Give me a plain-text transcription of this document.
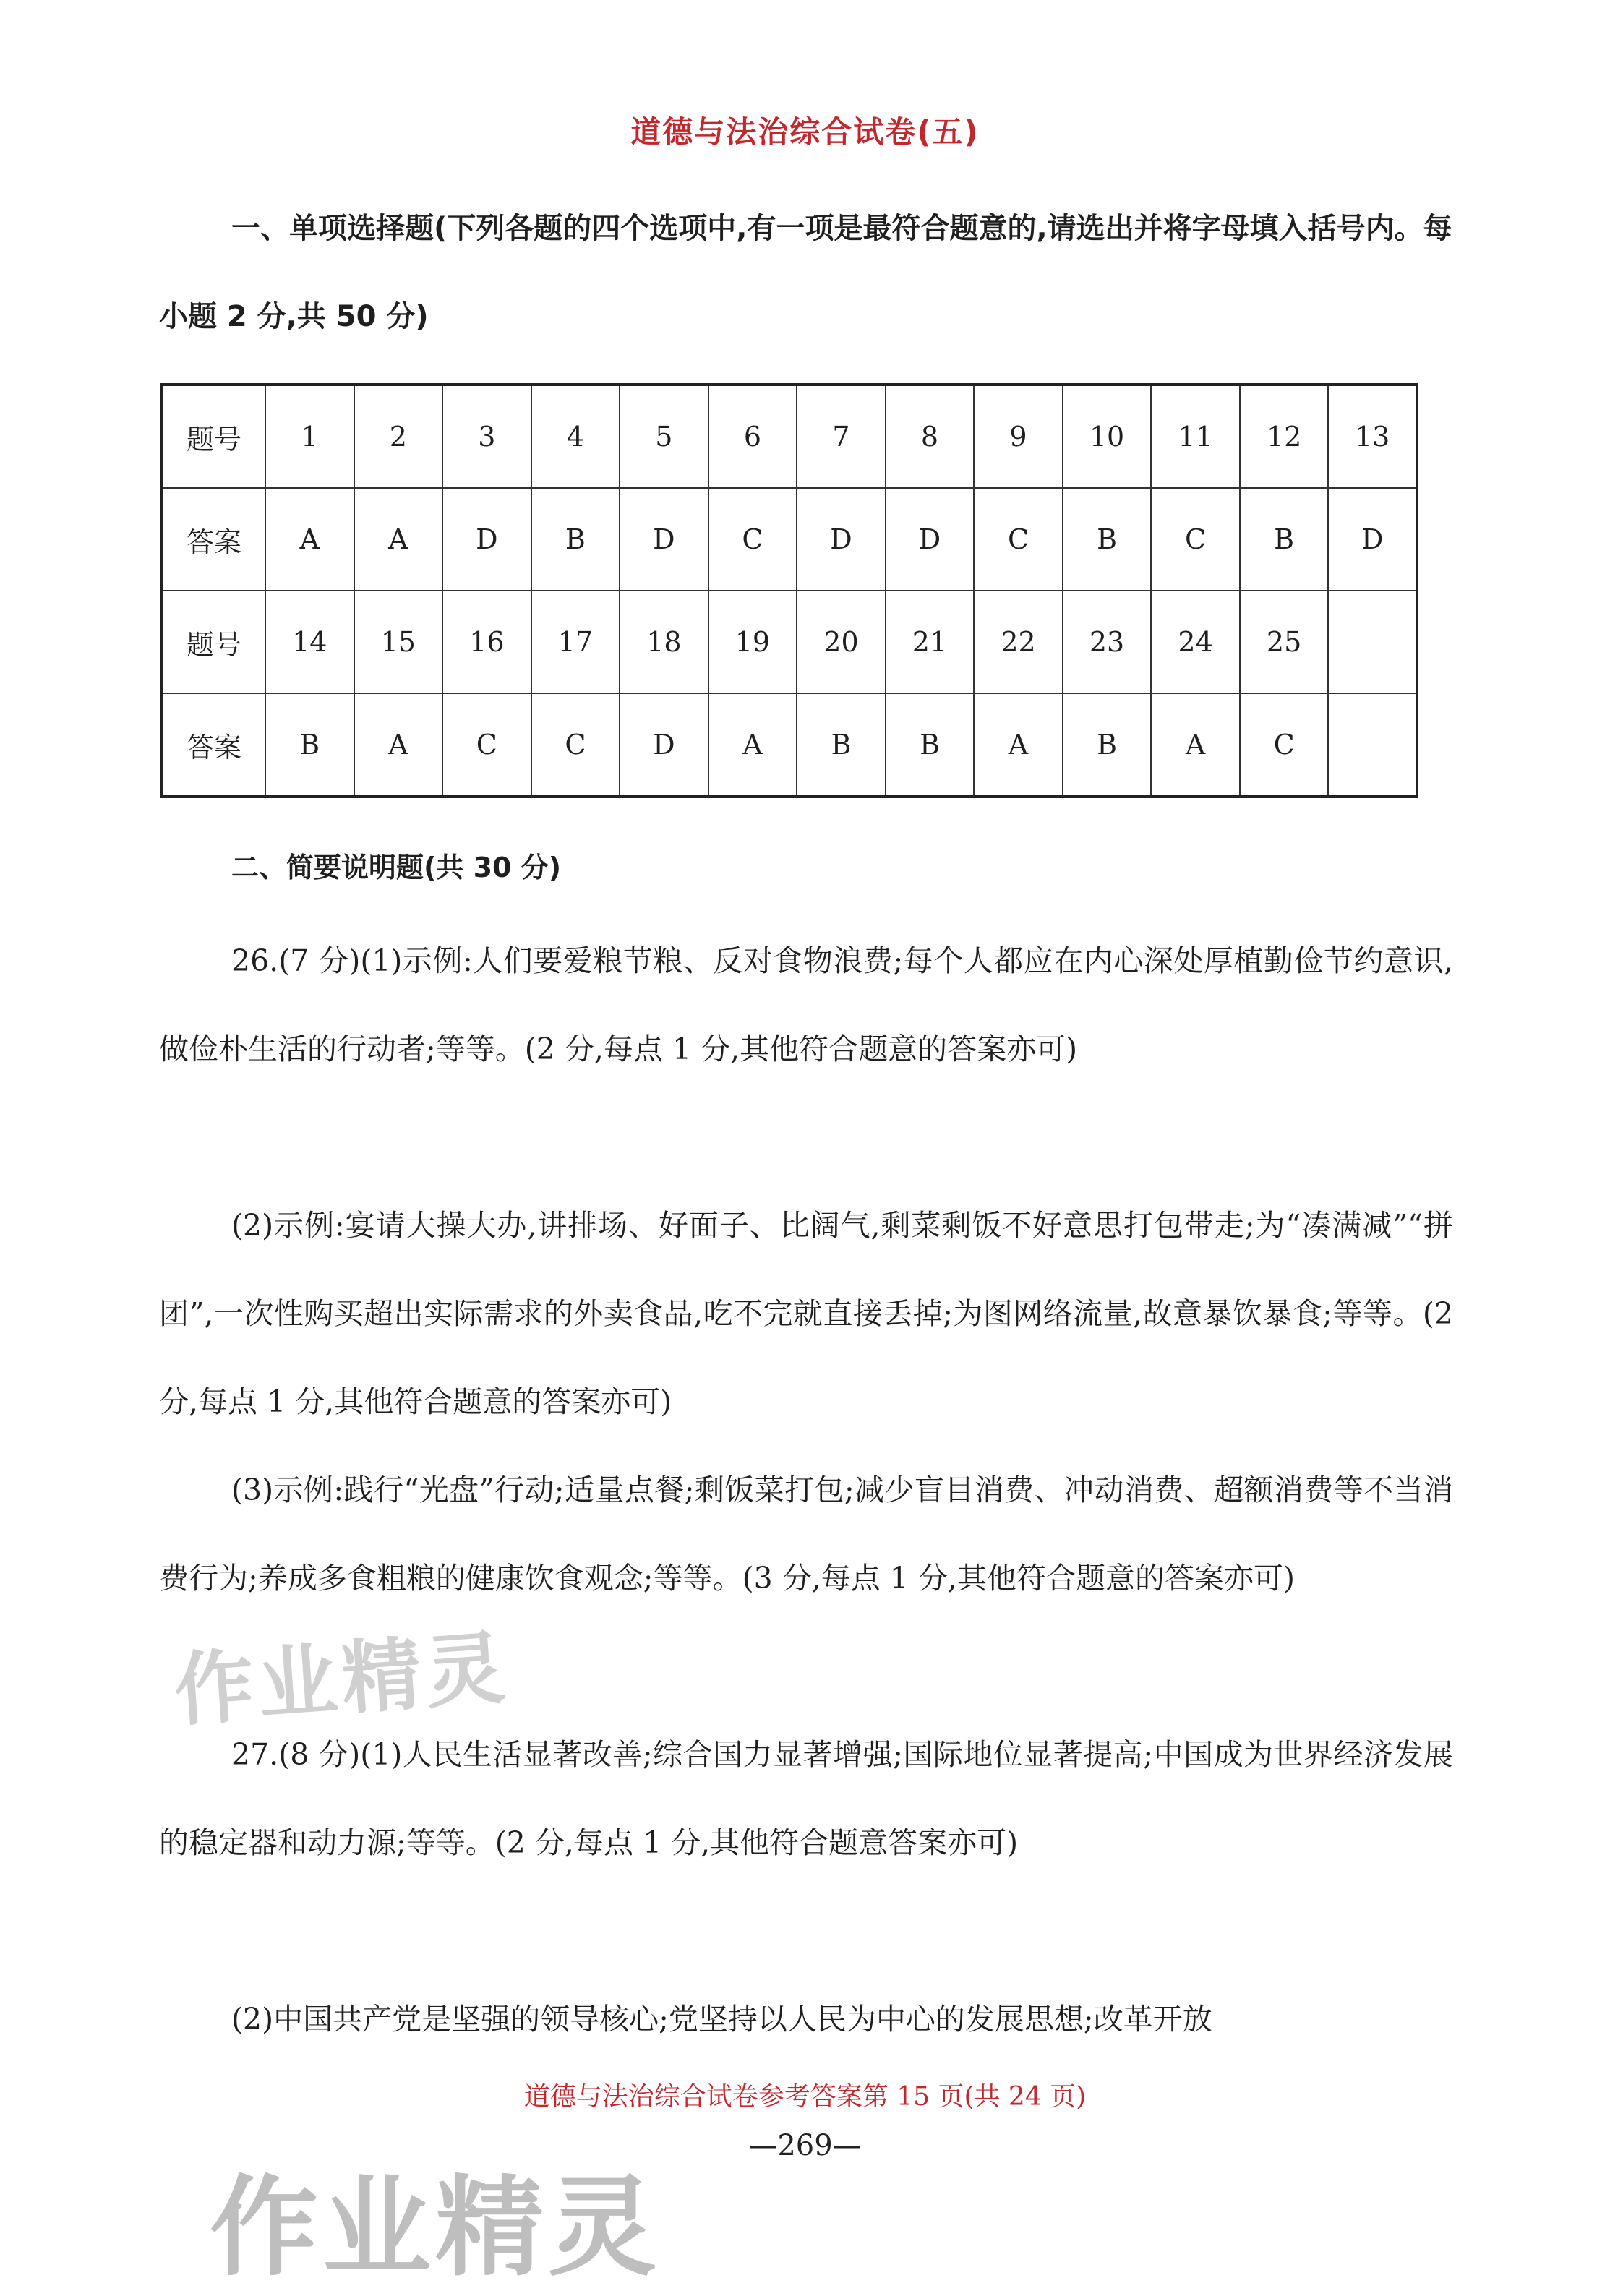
道德与法治综合试卷(五)
一、单项选择题(下列各题的四个选项中,有一项是最符合题意的,请选出并将字母填入括号内。每小题 2 分,共 50 分)
题号	1	2	3	4	5	6	7	8	9	10	11	12	13
答案	A	A	D	B	D	C	D	D	C	B	C	B	D
题号	14	15	16	17	18	19	20	21	22	23	24	25	
答案	B	A	C	C	D	A	B	B	A	B	A	C	
二、简要说明题(共 30 分)
26.(7 分)(1)示例:人们要爱粮节粮、反对食物浪费;每个人都应在内心深处厚植勤俭节约意识,做俭朴生活的行动者;等等。(2 分,每点 1 分,其他符合题意的答案亦可)
(2)示例:宴请大操大办,讲排场、好面子、比阔气,剩菜剩饭不好意思打包带走;为“凑满减”“拼团”,一次性购买超出实际需求的外卖食品,吃不完就直接丢掉;为图网络流量,故意暴饮暴食;等等。(2 分,每点 1 分,其他符合题意的答案亦可)
(3)示例:践行“光盘”行动;适量点餐;剩饭菜打包;减少盲目消费、冲动消费、超额消费等不当消费行为;养成多食粗粮的健康饮食观念;等等。(3 分,每点 1 分,其他符合题意的答案亦可)
27.(8 分)(1)人民生活显著改善;综合国力显著增强;国际地位显著提高;中国成为世界经济发展的稳定器和动力源;等等。(2 分,每点 1 分,其他符合题意答案亦可)
(2)中国共产党是坚强的领导核心;党坚持以人民为中心的发展思想;改革开放
作业精灵
道德与法治综合试卷参考答案第 15 页(共 24 页)
—269—
作业精灵
